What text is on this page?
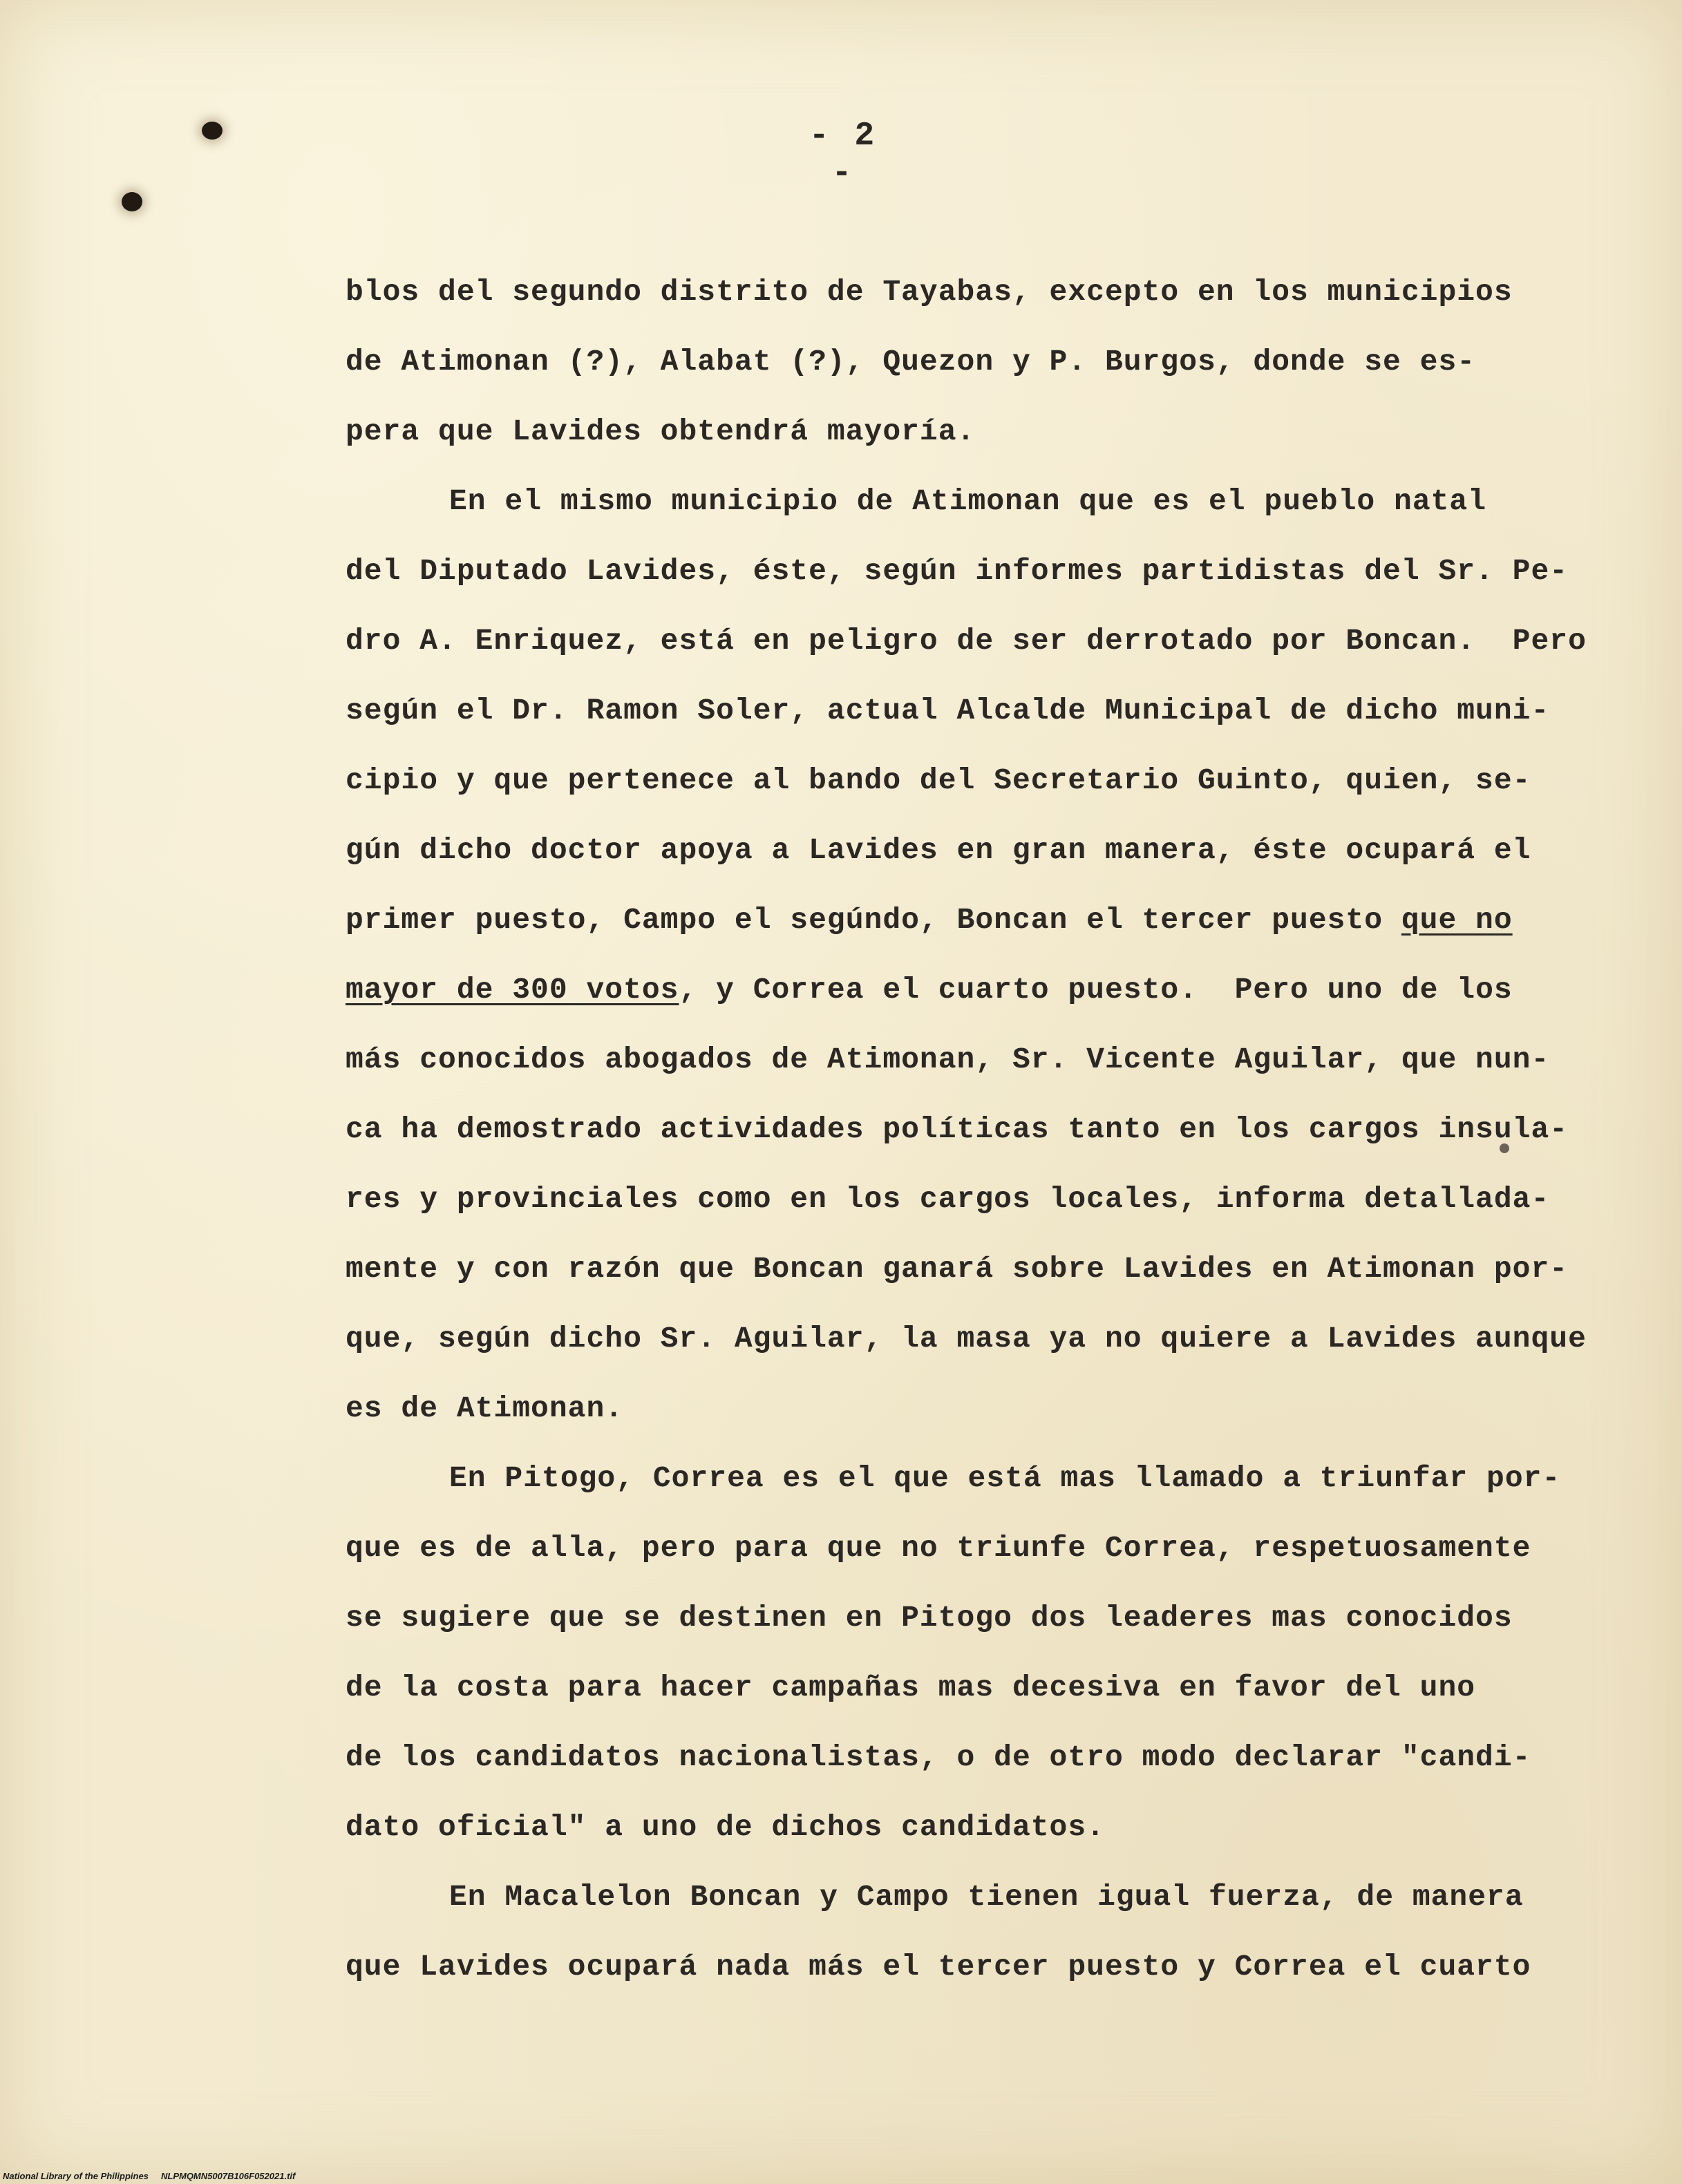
- 2 -
blos del segundo distrito de Tayabas, excepto en los municipios
de Atimonan (?), Alabat (?), Quezon y P. Burgos, donde se es-
pera que Lavides obtendrá mayoría.
En el mismo municipio de Atimonan que es el pueblo natal
del Diputado Lavides, éste, según informes partidistas del Sr. Pe-
dro A. Enriquez, está en peligro de ser derrotado por Boncan.  Pero
según el Dr. Ramon Soler, actual Alcalde Municipal de dicho muni-
cipio y que pertenece al bando del Secretario Guinto, quien, se-
gún dicho doctor apoya a Lavides en gran manera, éste ocupará el
primer puesto, Campo el segúndo, Boncan el tercer puesto que no
mayor de 300 votos, y Correa el cuarto puesto.  Pero uno de los
más conocidos abogados de Atimonan, Sr. Vicente Aguilar, que nun-
ca ha demostrado actividades políticas tanto en los cargos insula-
res y provinciales como en los cargos locales, informa detallada-
mente y con razón que Boncan ganará sobre Lavides en Atimonan por-
que, según dicho Sr. Aguilar, la masa ya no quiere a Lavides aunque
es de Atimonan.
En Pitogo, Correa es el que está mas llamado a triunfar por-
que es de alla, pero para que no triunfe Correa, respetuosamente
se sugiere que se destinen en Pitogo dos leaderes mas conocidos
de la costa para hacer campañas mas decesiva en favor del uno
de los candidatos nacionalistas, o de otro modo declarar "candi-
dato oficial" a uno de dichos candidatos.
En Macalelon Boncan y Campo tienen igual fuerza, de manera
que Lavides ocupará nada más el tercer puesto y Correa el cuarto
National Library of the Philippines NLPMQMN5007B106F052021.tif
